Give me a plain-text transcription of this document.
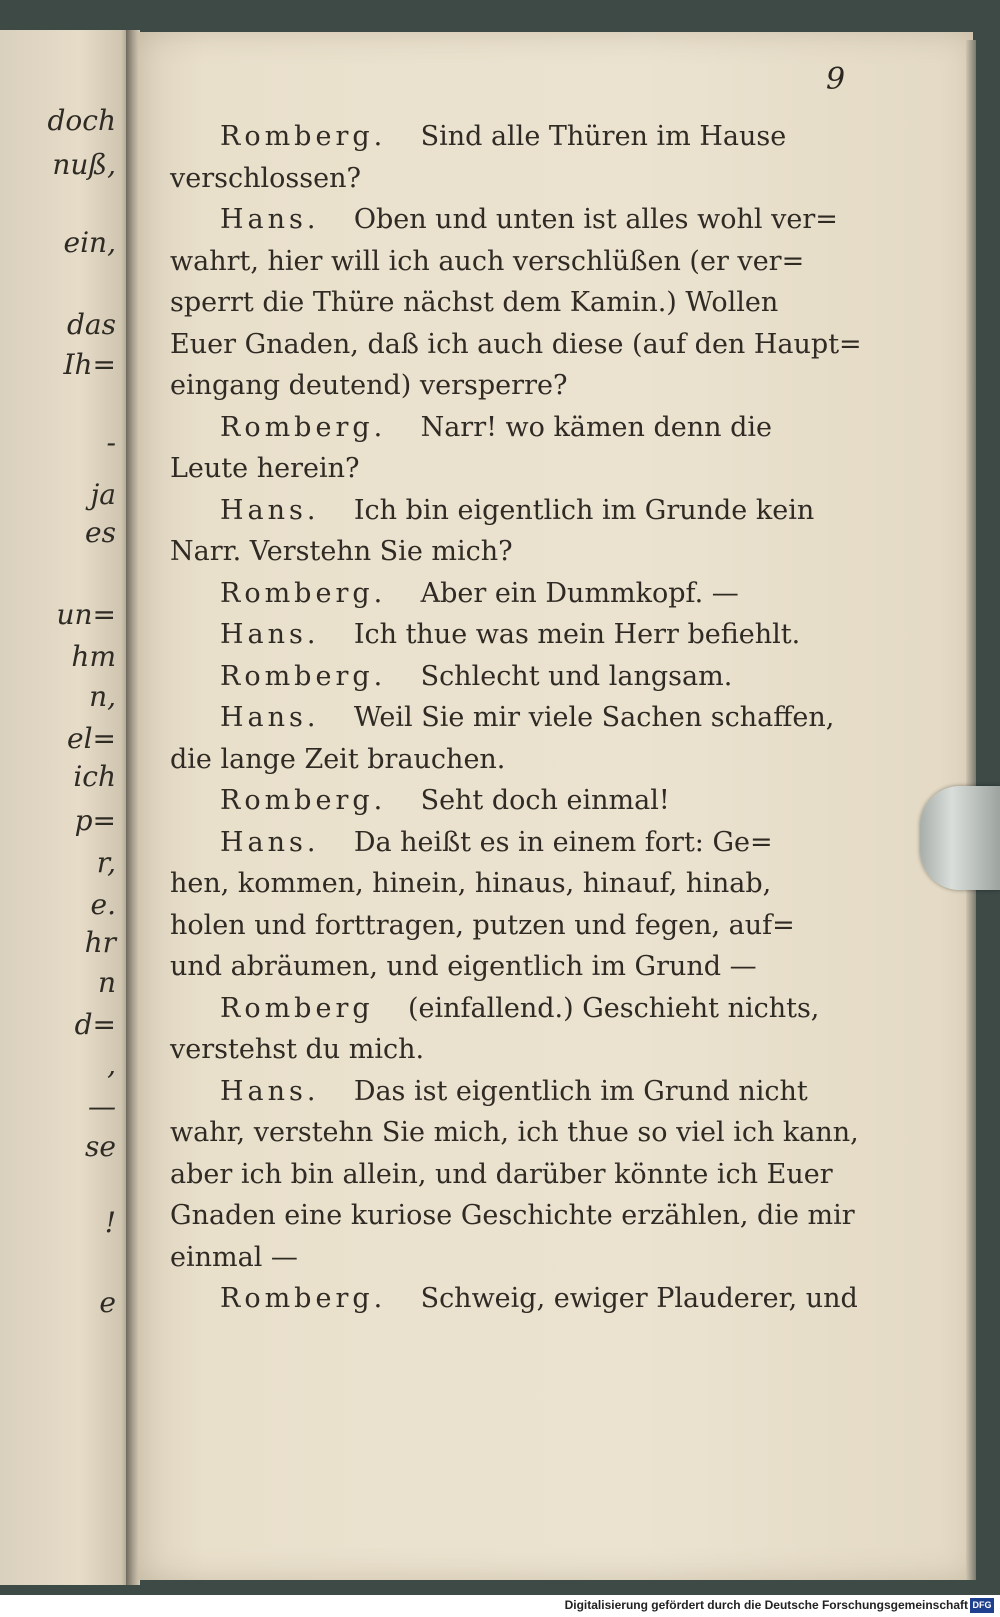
doch
nuß,
ein,
das
Ih=
-
ja
es
un=
hm
n,
el=
ich
p=
r,
e.
hr
n
d=
,
—
se
!
e
9
Romberg.    Sind alle Thüren im Hause
verschlossen?
Hans.    Oben und unten ist alles wohl ver=
wahrt, hier will ich auch verschlüßen (er ver=
sperrt die Thüre nächst dem Kamin.) Wollen
Euer Gnaden, daß ich auch diese (auf den Haupt=
eingang deutend) versperre?
Romberg.    Narr! wo kämen denn die
Leute herein?
Hans.    Ich bin eigentlich im Grunde kein
Narr. Verstehn Sie mich?
Romberg.    Aber ein Dummkopf. —
Hans.    Ich thue was mein Herr befiehlt.
Romberg.    Schlecht und langsam.
Hans.    Weil Sie mir viele Sachen schaffen,
die lange Zeit brauchen.
Romberg.    Seht doch einmal!
Hans.    Da heißt es in einem fort: Ge=
hen, kommen, hinein, hinaus, hinauf, hinab,
holen und forttragen, putzen und fegen, auf=
und abräumen, und eigentlich im Grund —
Romberg    (einfallend.) Geschieht nichts,
verstehst du mich.
Hans.    Das ist eigentlich im Grund nicht
wahr, verstehn Sie mich, ich thue so viel ich kann,
aber ich bin allein, und darüber könnte ich Euer
Gnaden eine kuriose Geschichte erzählen, die mir
einmal —
Romberg.    Schweig, ewiger Plauderer, und
Digitalisierung gefördert durch die Deutsche Forschungsgemeinschaft DFG
